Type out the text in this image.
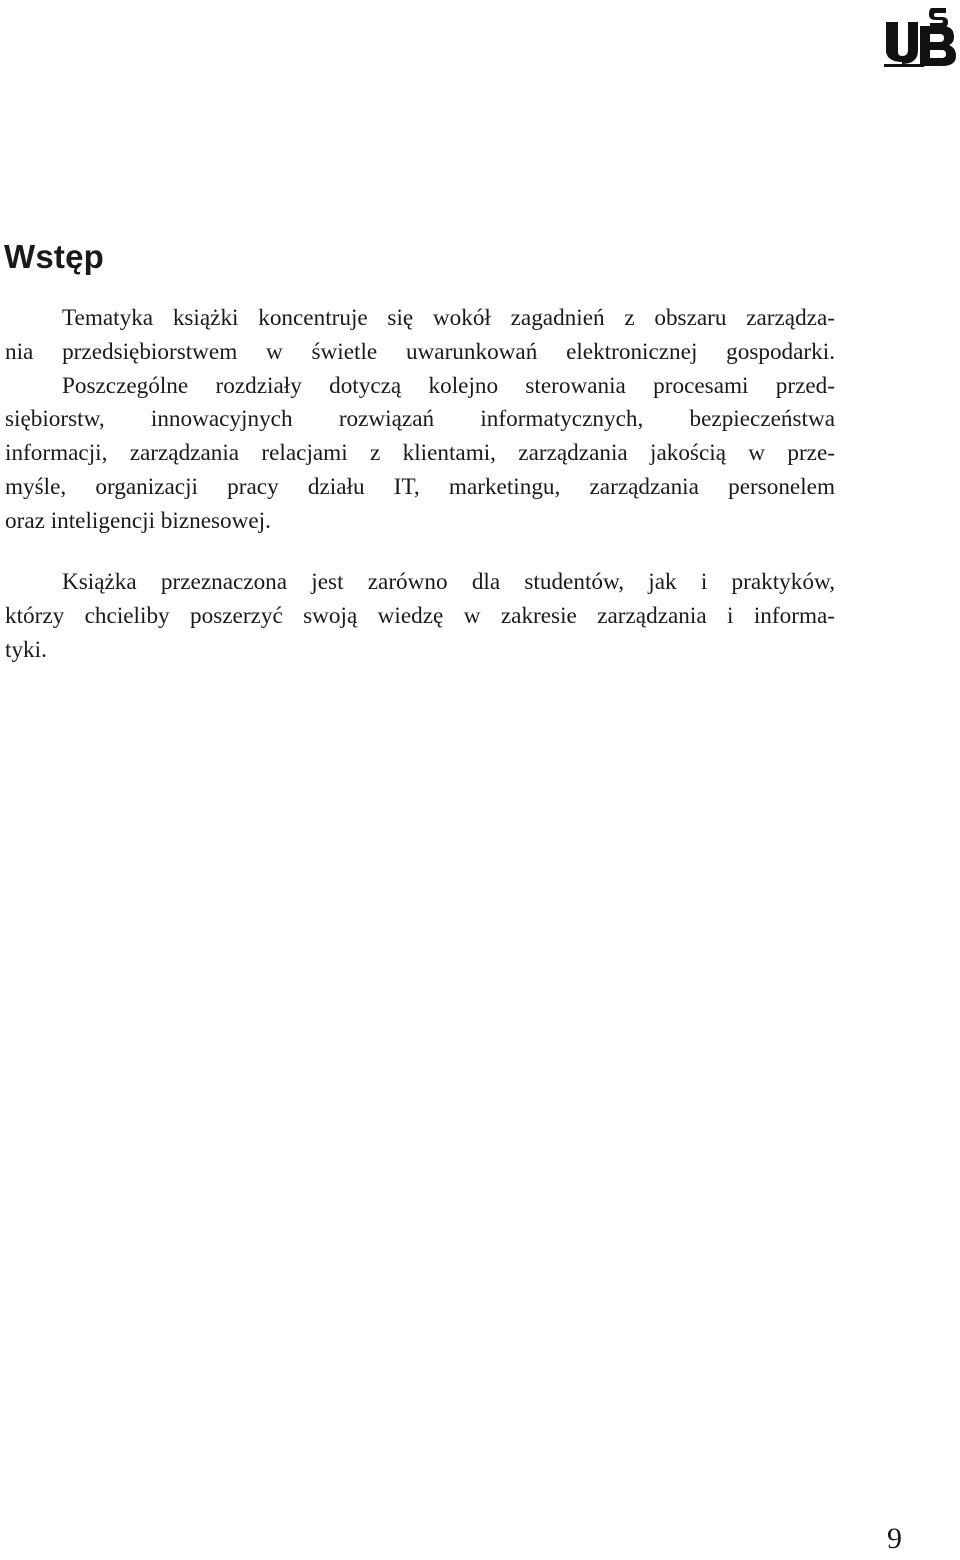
Wstęp
Tematyka książki koncentruje się wokół zagadnień z obszaru zarządza-
nia przedsiębiorstwem w świetle uwarunkowań elektronicznej gospodarki.
Poszczególne rozdziały dotyczą kolejno sterowania procesami przed-
siębiorstw, innowacyjnych rozwiązań informatycznych, bezpieczeństwa
informacji, zarządzania relacjami z klientami, zarządzania jakością w prze-
myśle, organizacji pracy działu IT, marketingu, zarządzania personelem
oraz inteligencji biznesowej.
Książka przeznaczona jest zarówno dla studentów, jak i praktyków,
którzy chcieliby poszerzyć swoją wiedzę w zakresie zarządzania i informa-
tyki.
9
